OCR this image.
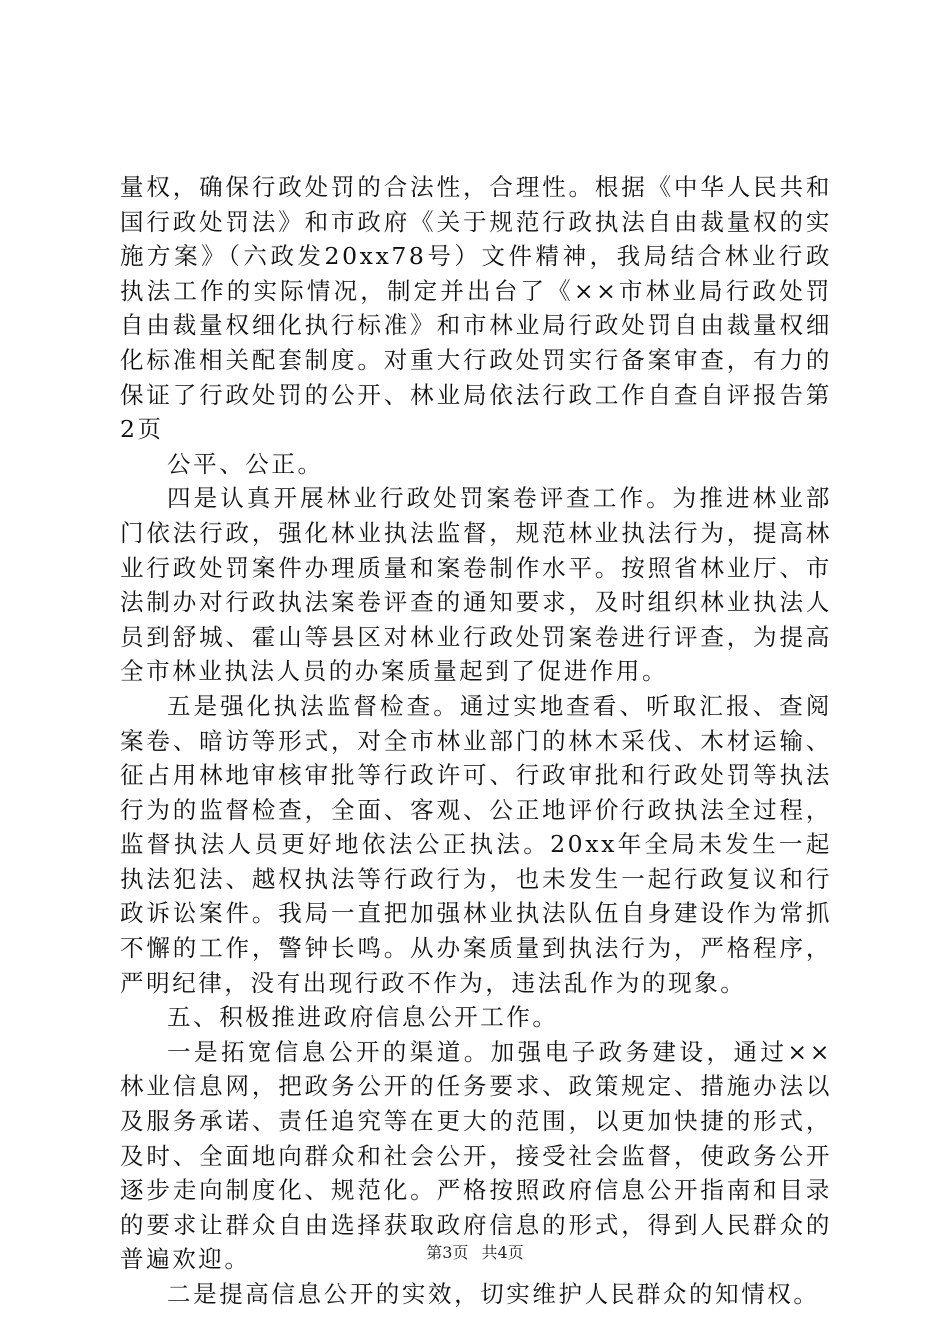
量权，确保行政处罚的合法性，合理性。根据《中华人民共和国行政处罚法》和市政府《关于规范行政执法自由裁量权的实施方案》（六政发20xx78号）文件精神，我局结合林业行政执法工作的实际情况，制定并出台了《××市林业局行政处罚自由裁量权细化执行标准》和市林业局行政处罚自由裁量权细化标准相关配套制度。对重大行政处罚实行备案审查，有力的保证了行政处罚的公开、林业局依法行政工作自查自评报告第2页

公平、公正。

四是认真开展林业行政处罚案卷评查工作。为推进林业部门依法行政，强化林业执法监督，规范林业执法行为，提高林业行政处罚案件办理质量和案卷制作水平。按照省林业厅、市法制办对行政执法案卷评查的通知要求，及时组织林业执法人员到舒城、霍山等县区对林业行政处罚案卷进行评查，为提高全市林业执法人员的办案质量起到了促进作用。

五是强化执法监督检查。通过实地查看、听取汇报、查阅案卷、暗访等形式，对全市林业部门的林木采伐、木材运输、征占用林地审核审批等行政许可、行政审批和行政处罚等执法行为的监督检查，全面、客观、公正地评价行政执法全过程，监督执法人员更好地依法公正执法。20xx年全局未发生一起执法犯法、越权执法等行政行为，也未发生一起行政复议和行政诉讼案件。我局一直把加强林业执法队伍自身建设作为常抓不懈的工作，警钟长鸣。从办案质量到执法行为，严格程序，严明纪律，没有出现行政不作为，违法乱作为的现象。

五、积极推进政府信息公开工作。

一是拓宽信息公开的渠道。加强电子政务建设，通过××林业信息网，把政务公开的任务要求、政策规定、措施办法以及服务承诺、责任追究等在更大的范围，以更加快捷的形式，及时、全面地向群众和社会公开，接受社会监督，使政务公开逐步走向制度化、规范化。严格按照政府信息公开指南和目录的要求让群众自由选择获取政府信息的形式，得到人民群众的普遍欢迎。

二是提高信息公开的实效，切实维护人民群众的知情权。

第3页 共4页
